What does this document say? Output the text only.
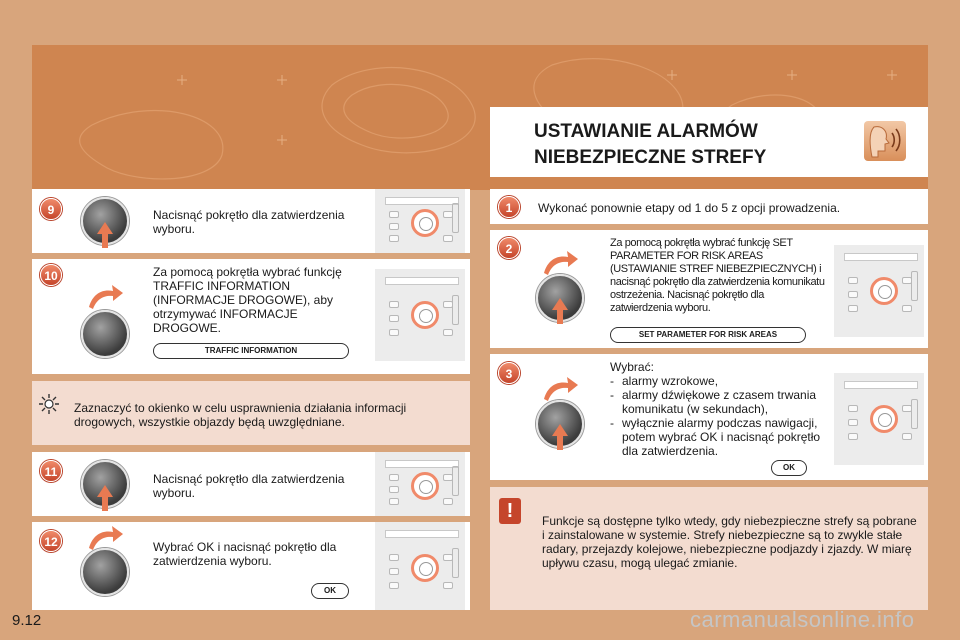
USTAWIANIE ALARMÓW
NIEBEZPIECZNE STREFY
9	Nacisnąć pokrętło dla zatwierdzenia wyboru.
10	Za pomocą pokrętła wybrać funkcję TRAFFIC INFORMATION (INFORMACJE DROGOWE), aby otrzymywać INFORMACJE DROGOWE.
TRAFFIC INFORMATION
Zaznaczyć to okienko w celu usprawnienia działania informacji drogowych, wszystkie objazdy będą uwzględniane.
11	Nacisnąć pokrętło dla zatwierdzenia wyboru.
12	Wybrać OK i nacisnąć pokrętło dla zatwierdzenia wyboru.
OK
1	Wykonać ponownie etapy od 1 do 5 z opcji prowadzenia.
2	Za pomocą pokrętła wybrać funkcję SET PARAMETER FOR RISK AREAS (USTAWIANIE STREF NIEBEZPIECZNYCH) i nacisnąć pokrętło dla zatwierdzenia komunikatu ostrzeżenia. Nacisnąć pokrętło dla zatwierdzenia wyboru.
SET PARAMETER FOR RISK AREAS
3	Wybrać:
- alarmy wzrokowe,
- alarmy dźwiękowe z czasem trwania komunikatu (w sekundach),
- wyłącznie alarmy podczas nawigacji, potem wybrać OK i nacisnąć pokrętło dla zatwierdzenia.
OK
!	Funkcje są dostępne tylko wtedy, gdy niebezpieczne strefy są pobrane i zainstalowane w systemie. Strefy niebezpieczne są to zwykle stałe radary, przejazdy kolejowe, niebezpieczne podjazdy i zjazdy. W miarę upływu czasu, mogą ulegać zmianie.
9.12	carmanualsonline.info
